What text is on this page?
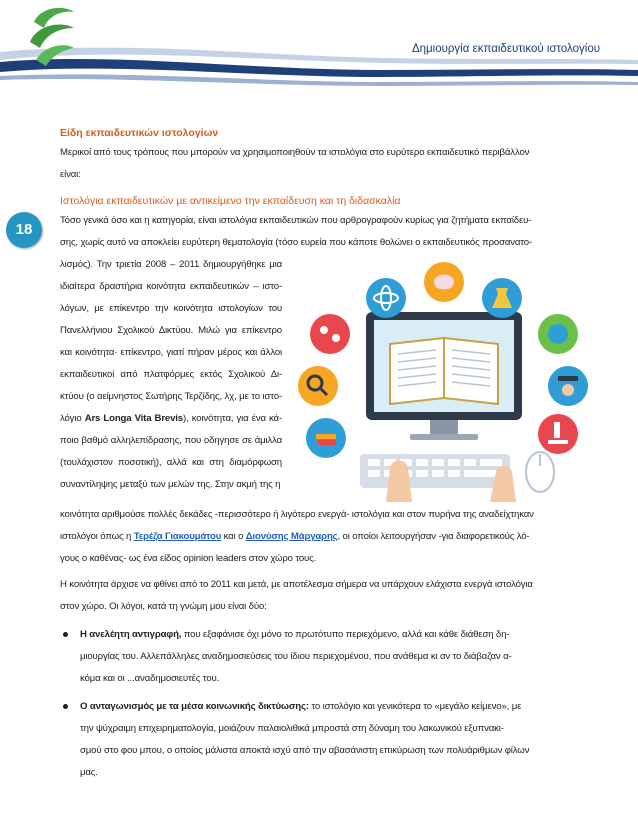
Δημιουργία εκπαιδευτικού ιστολογίου
18
Είδη εκπαιδευτικών ιστολογίων

Μερικοί από τους τρόπους που μπορούν να χρησιμοποιηθούν τα ιστολόγια στο ευρύτερο εκπαιδευτικό περιβάλλον

είναι:

Ιστολόγια εκπαιδευτικών με αντικείμενο την εκπαίδευση και τη διδασκαλία

Τόσο γενικά όσο και η κατηγορία, είναι ιστολόγια εκπαιδευτικών που αρθρογραφούν κυρίως για ζητήματα εκπαίδευ-

σης, χωρίς αυτό να αποκλείει ευρύτερη θεματολογία (τόσο ευρεία που κάποτε θολώνει ο εκπαιδευτικός προσανατο-

λισμός). Την τριετία 2008 – 2011 δημιουργήθηκε μια ιδιαίτερα δραστήρια κοινότητα εκπαιδευτικών – ιστο-λόγων, με επίκεντρο την κοινότητα ιστολογίων του Πανελλήνιου Σχολικού Δικτύου. Μιλώ για επίκεντρο και κοινότητα· επίκεντρο, γιατί πήραν μέρος και άλλοι εκπαιδευτικοί από πλατφόρμες εκτός Σχολικού Δι-κτύου (ο αείμνηστος Σωτήρης Τερζίδης, λχ, με το ιστο-λόγιο Ars Longa Vita Brevis), κοινότητα, για ένα κά-ποιο βαθμό αλληλεπίδρασης, που οδηγησε σε άμιλλα (τουλάχιστον ποσοτική), αλλά και στη διαμόρφωση συναντίληψης μεταξύ των μελών της. Στην ακμή της η

κοινότητα αριθμούσε πολλές δεκάδες -περισσότερο ή λιγότερο ενεργά- ιστολόγια και στον πυρήνα της αναδείχτηκαν

ιστολόγοι όπως η Τερέζα Γιακουμάτου και ο Διονύσης Μάργαρης, οι οποίοι λειτουργήσαν -για διαφορετικούς λό-

γους ο καθένας- ως ένα είδος opinion leaders στον χώρο τους.

Η κοινότητα άρχισε να φθίνει από το 2011 και μετά, με αποτέλεσμα σήμερα να υπάρχουν ελάχιστα ενεργά ιστολόγια

στον χώρο. Οι λόγοι, κατά τη γνώμη μου είναι δύο:

Η ανελέητη αντιγραφή, που εξαφάνισε όχι μόνο το πρωτότυπο περιεχόμενο, αλλά και κάθε διάθεση δη-

μιουργίας του. Αλλεπάλληλες αναδημοσιεύσεις του ίδιου περιεχομένου, που ανάθεμα κι αν το διάβαζαν α-

κόμα και οι ...αναδημοσιευτές του.

Ο ανταγωνισμός με τα μέσα κοινωνικής δικτύωσης: το ιστολόγιο και γενικότερα το «μεγάλο κείμενο», με

την ψύχραιμη επιχειρηματολογία, μοιάζουν παλαιολιθικά μπροστά στη δύναμη του λακωνικού εξυπνακι-

σμού στο φου μπου, ο οποίος μάλιστα αποκτά ισχύ από την αβασάνιστη επικύρωση των πολυάριθμων φίλων

μας.
